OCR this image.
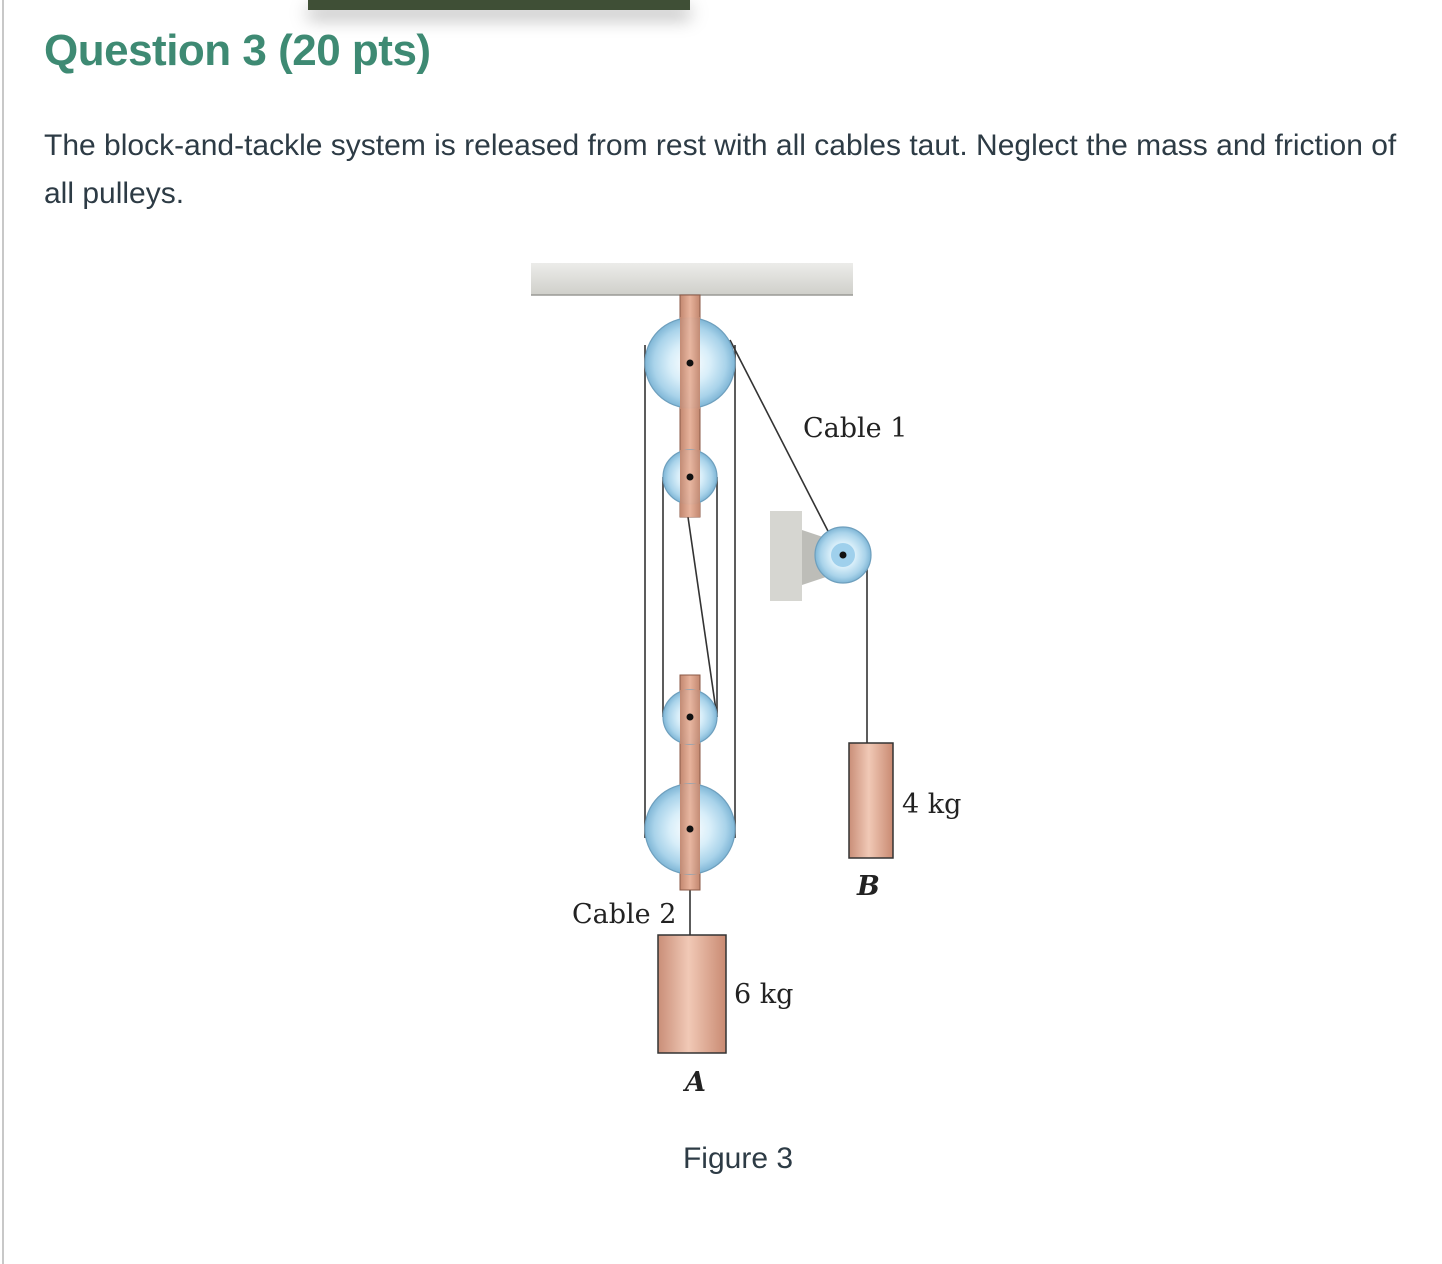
Question 3 (20 pts)

The block-and-tackle system is released from rest with all cables taut. Neglect the mass and friction of all pulleys.

Cable 1
Cable 2
4 kg
6 kg
B
A
Figure 3
